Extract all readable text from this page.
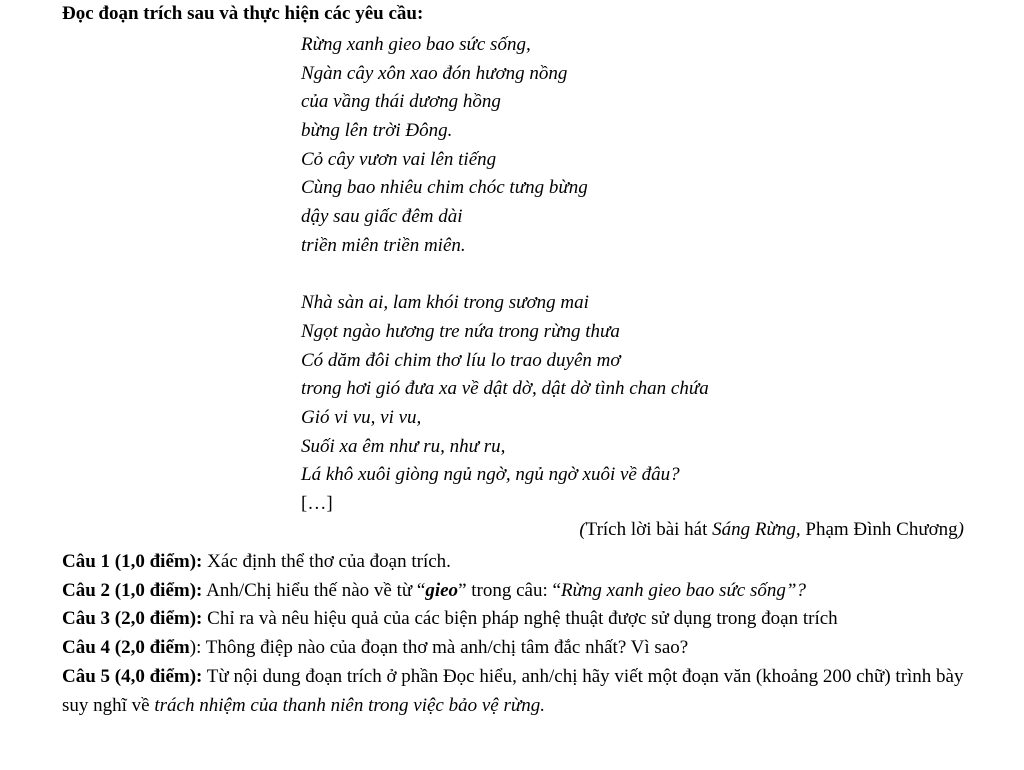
Đọc đoạn trích sau và thực hiện các yêu cầu:
Rừng xanh gieo bao sức sống,
Ngàn cây xôn xao đón hương nồng
của vầng thái dương hồng
bừng lên trời Đông.
Cỏ cây vươn vai lên tiếng
Cùng bao nhiêu chim chóc tưng bừng
dậy sau giấc đêm dài
triền miên triền miên.
Nhà sàn ai, lam khói trong sương mai
Ngọt ngào hương tre nứa trong rừng thưa
Có dăm đôi chim thơ líu lo trao duyên mơ
trong hơi gió đưa xa về dật dờ, dật dờ tình chan chứa
Gió vi vu, vi vu,
Suối xa êm như ru, như ru,
Lá khô xuôi giòng ngủ ngờ, ngủ ngờ xuôi về đâu?
[…]
(Trích lời bài hát Sáng Rừng, Phạm Đình Chương)
Câu 1 (1,0 điểm): Xác định thể thơ của đoạn trích.
Câu 2 (1,0 điểm): Anh/Chị hiểu thế nào về từ “gieo” trong câu: “Rừng xanh gieo bao sức sống”?
Câu 3 (2,0 điểm): Chỉ ra và nêu hiệu quả của các biện pháp nghệ thuật được sử dụng trong đoạn trích
Câu 4 (2,0 điểm): Thông điệp nào của đoạn thơ mà anh/chị tâm đắc nhất? Vì sao?
Câu 5 (4,0 điểm): Từ nội dung đoạn trích ở phần Đọc hiểu, anh/chị hãy viết một đoạn văn (khoảng 200 chữ) trình bày suy nghĩ về trách nhiệm của thanh niên trong việc bảo vệ rừng.
